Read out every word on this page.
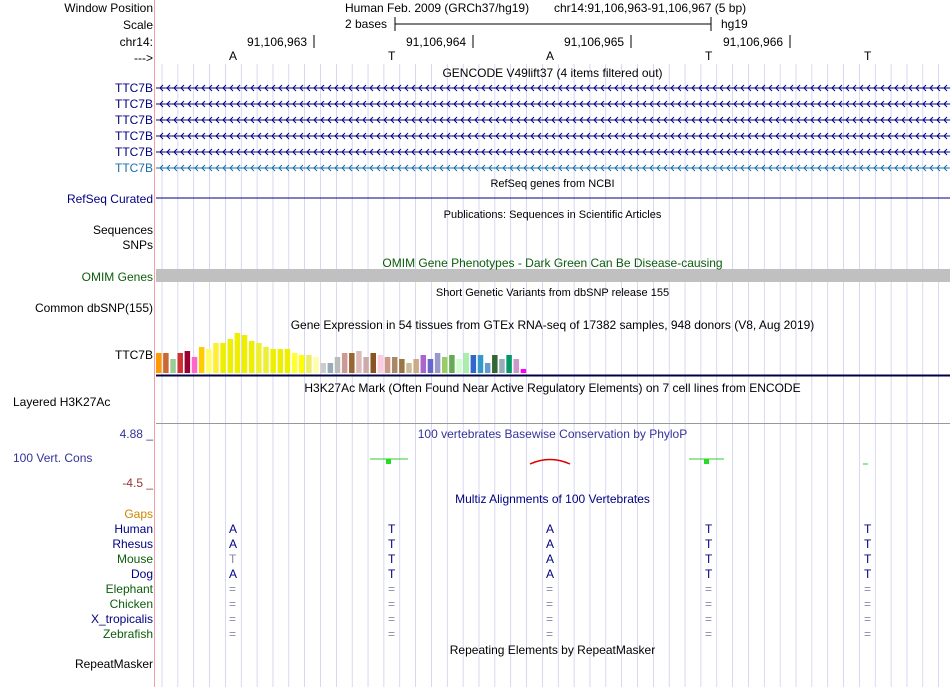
Window Position
Scale
chr14:
--->
Human Feb. 2009 (GRCh37/hg19) chr14:91,106,963-91,106,967 (5 bp)
2 bases	hg19
91,106,963	91,106,964	91,106,965	91,106,966
A	T	A	T	T
GENCODE V49lift37 (4 items filtered out)
TTC7B
TTC7B
TTC7B
TTC7B
TTC7B
TTC7B
RefSeq genes from NCBI
RefSeq Curated
Publications: Sequences in Scientific Articles
Sequences
SNPs
OMIM Gene Phenotypes - Dark Green Can Be Disease-causing
OMIM Genes
Short Genetic Variants from dbSNP release 155
Common dbSNP(155)
Gene Expression in 54 tissues from GTEx RNA-seq of 17382 samples, 948 donors (V8, Aug 2019)
TTC7B
H3K27Ac Mark (Often Found Near Active Regulatory Elements) on 7 cell lines from ENCODE
Layered H3K27Ac
4.88 _	100 vertebrates Basewise Conservation by PhyloP
100 Vert. Cons
-4.5 _
Multiz Alignments of 100 Vertebrates
Gaps
Human	A	T	A	T	T
Rhesus	A	T	A	T	T
Mouse	T	T	A	T	T
Dog	A	T	A	T	T
Elephant	=	=	=	=	=
Chicken	=	=	=	=	=
X_tropicalis	=	=	=	=	=
Zebrafish	=	=	=	=	=
Repeating Elements by RepeatMasker
RepeatMasker
